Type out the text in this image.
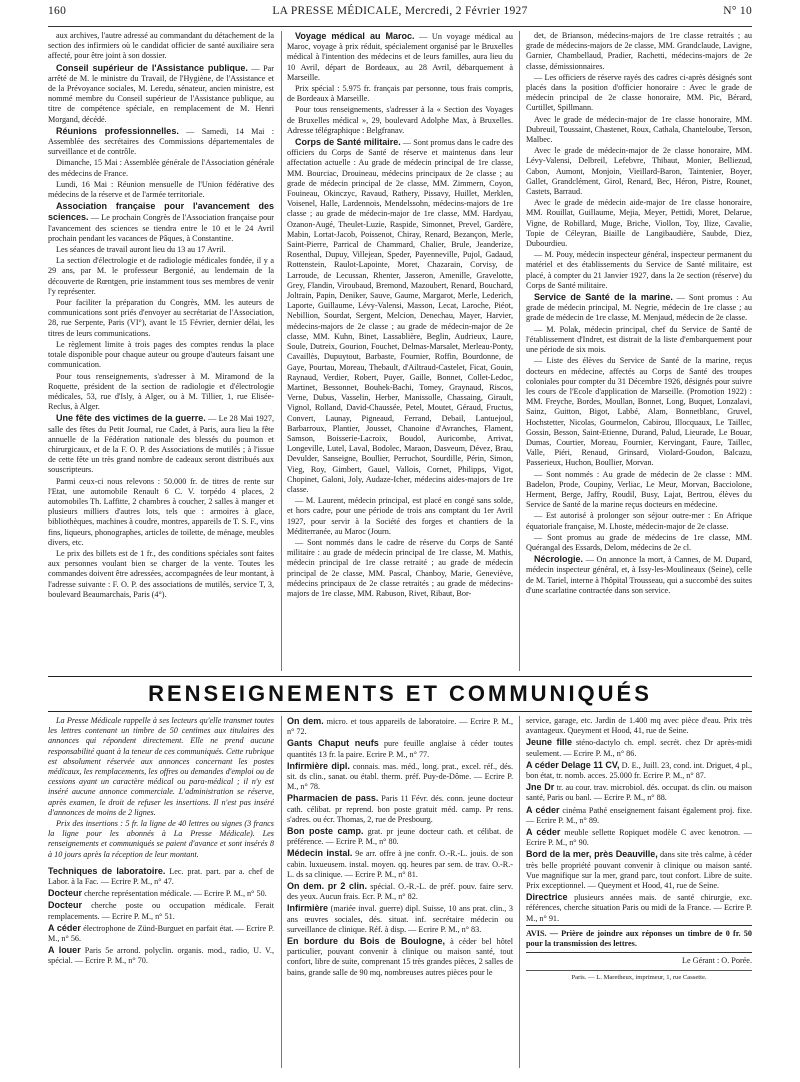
160	LA PRESSE MÉDICALE, Mercredi, 2 Février 1927	N° 10

aux archives, l'autre adressé au commandant du détachement de la section des infirmiers où le candidat officier de santé auxiliaire sera affecté, pour être joint à son dossier.

Conseil supérieur de l'Assistance publique. — Par arrêté de M. le ministre du Travail, de l'Hygiène, de l'Assistance et de la Prévoyance sociales, M. Leredu, sénateur, ancien ministre, est nommé membre du Conseil supérieur de l'Assistance publique, au titre de compétence spéciale, en remplacement de M. Henri Morgand, décédé.

Réunions professionnelles. — Samedi, 14 Mai : Assemblée des secrétaires des Commissions départementales de surveillance et de contrôle.

Dimanche, 15 Mai : Assemblée générale de l'Association générale des médecins de France.

Lundi, 16 Mai : Réunion mensuelle de l'Union fédérative des médecins de la réserve et de l'armée territoriale.

Association française pour l'avancement des sciences. — Le prochain Congrès de l'Association française pour l'avancement des sciences se tiendra entre le 10 et le 24 Avril prochain pendant les vacances de Pâques, à Constantine.

Les séances de travail auront lieu du 13 au 17 Avril.

La section d'électrologie et de radiologie médicales fondée, il y a 29 ans, par M. le professeur Bergonié, au lendemain de la découverte de Rœntgen, prie instamment tous ses membres de venir l'y représenter.

Pour faciliter la préparation du Congrès, MM. les auteurs de communications sont priés d'envoyer au secrétariat de l'Association, 28, rue Serpente, Paris (VI°), avant le 15 Février, dernier délai, les titres de leurs communications.

Le règlement limite à trois pages des comptes rendus la place totale disponible pour chaque auteur ou groupe d'auteurs faisant une communication.

Pour tous renseignements, s'adresser à M. Miramond de la Roquette, président de la section de radiologie et d'électrologie médicales, 53, rue d'Isly, à Alger, ou à M. Tillier, 1, rue Elisée-Reclus, à Alger.

Une fête des victimes de la guerre. — Le 28 Mai 1927, salle des fêtes du Petit Journal, rue Cadet, à Paris, aura lieu la fête annuelle de la Fédération nationale des blessés du poumon et chirurgicaux, et de la F. O. P. des Associations de mutilés ; à l'issue de cette fête un très grand nombre de cadeaux seront distribués aux souscripteurs.

Parmi ceux-ci nous relevons : 50.000 fr. de titres de rente sur l'Etat, une automobile Renault 6 C. V. torpédo 4 places, 2 automobiles Th. Laffitte, 2 chambres à coucher, 2 salles à manger et plusieurs milliers d'autres lots, tels que : armoires à glace, bibliothèques, machines à coudre, montres, appareils de T. S. F., vins fins, liqueurs, phonographes, articles de toilette, de ménage, meubles divers, etc.

Le prix des billets est de 1 fr., des conditions spéciales sont faites aux personnes voulant bien se charger de la vente. Toutes les commandes doivent être adressées, accompagnées de leur montant, à l'adresse suivante : F. O. P. des associations de mutilés, service T, 3, boulevard Beaumarchais, Paris (4°).

Voyage médical au Maroc. — Un voyage médical au Maroc, voyage à prix réduit, spécialement organisé par le Bruxelles médical à l'intention des médecins et de leurs familles, aura lieu du 10 Avril, départ de Bordeaux, au 28 Avril, débarquement à Marseille.

Prix spécial : 5.975 fr. français par personne, tous frais compris, de Bordeaux à Marseille.

Pour tous renseignements, s'adresser à la « Section des Voyages de Bruxelles médical », 29, boulevard Adolphe Max, à Bruxelles. Adresse télégraphique : Belgfranav.

Corps de Santé militaire. — Sont promus dans le cadre des officiers du Corps de Santé de réserve et maintenus dans leur affectation actuelle : Au grade de médecin principal de 1re classe, MM. Bourciac, Drouineau, médecins principaux de 2e classe ; au grade de médecin principal de 2e classe, MM. Zimmern, Coyon, Fouineau, Okinczyc, Ravaud, Rathery, Pissavy, Huillet, Merklen, Voisenel, Halle, Lardennois, Mendelssohn, médecins-majors de 1re classe ; au grade de médecin-major de 1re classe, MM. Hardyau, Ozanon-Augé, Theulet-Luzie, Raspide, Simonnet, Prevel, Gardère, Mabin, Lortat-Jacob, Poissenot, Chiray, Renard, Bezançon, Merle, Saint-Pierre, Parrical de Chammard, Chalier, Brule, Jeanderize, Rosenthal, Dupuy, Villejean, Speder, Payenneville, Pujol, Gadaud, Rottenstein, Raulot-Lapointe, Moret, Chazarain, Corvisy, de Larroude, de Lecussan, Rhenter, Jasseron, Amenille, Gravelotte, Grey, Flandin, Viroubaud, Bremond, Mazoubert, Renard, Bouchard, Joltrain, Papin, Deniker, Sauve, Gaume, Margarot, Merle, Lederich, Laporte, Guillaume, Lévy-Valensi, Masson, Lecat, Laroche, Piéot, Nebillion, Sourdat, Sergent, Melcion, Denechau, Mayer, Harvier, médecins-majors de 2e classe ; au grade de médecin-major de 2e classe, MM. Kuhn, Binet, Lassablière, Beglin, Audrieux, Laure, Soule, Dutreix, Gourion, Fouchet, Delmas-Marsalet, Merleau-Ponty, Cavaillès, Dupuytout, Barbaste, Fournier, Roffin, Bourdonne, de Gaye, Pourtau, Moreau, Thebault, d'Ailtraud-Castelet, Ficat, Gouin, Raynaud, Verdier, Robert, Puyer, Gaille, Bonnet, Collet-Ledoc, Martinet, Bessonnet, Bouhek-Bachi, Tomey, Graynaud, Riscos, Verne, Dubus, Vasselin, Herber, Manissolle, Chassaing, Girault, Vignol, Rolland, David-Chaussée, Petel, Moutet, Géraud, Fructus, Convert, Launay, Pigneaud, Ferrand, Debail, Lantuejoul, Barbarroux, Plantier, Jousset, Chanoine d'Avranches, Flament, Samson, Boisserie-Lacroix, Boudol, Auricombe, Arrivat, Longeville, Lutel, Laval, Bodolec, Maraon, Dasveum, Dévez, Brau, Devulder, Sanseigne, Boullier, Perruchot, Sourdille, Périn, Simon, Vieg, Roy, Gimbert, Gauel, Vallois, Cornet, Philipps, Vigot, Chopinet, Galoni, Joly, Audaze-Icher, médecins aides-majors de 1re classe.

— M. Laurent, médecin principal, est placé en congé sans solde, et hors cadre, pour une période de trois ans comptant du 1er Avril 1927, pour servir à la Société des forges et chantiers de la Méditerranée, au Maroc (Journ.

— Sont nommés dans le cadre de réserve du Corps de Santé militaire : au grade de médecin principal de 1re classe, M. Mathis, médecin principal de 1re classe retraité ; au grade de médecin principal de 2e classe, MM. Pascal, Chanboy, Marie, Geneviève, médecins principaux de 2e classe retraités ; au grade de médecins-majors de 1re classe, MM. Rabuson, Rivet, Ribaut, Bor-

det, de Brianson, médecins-majors de 1re classe retraités ; au grade de médecins-majors de 2e classe, MM. Grandclaude, Lavigne, Garnier, Chambellaud, Pradier, Rachetti, médecins-majors de 2e classe, démissionnaires.

— Les officiers de réserve rayés des cadres ci-après désignés sont placés dans la position d'officier honoraire : Avec le grade de médecin principal de 2e classe honoraire, MM. Pic, Bérard, Curtillet, Spillmann.

Avec le grade de médecin-major de 1re classe honoraire, MM. Dubreuil, Toussaint, Chastenet, Roux, Cathala, Chanteloube, Terson, Malbec.

Avec le grade de médecin-major de 2e classe honoraire, MM. Lévy-Valensi, Delbreil, Lefebvre, Thibaut, Monier, Belliezud, Cabon, Aumont, Monjoin, Vieillard-Baron, Taintenier, Boyer, Gallet, Grandclément, Girol, Renard, Bec, Héron, Pistre, Rounet, Castets, Barraud.

Avec le grade de médecin aide-major de 1re classe honoraire, MM. Rouillat, Guillaume, Mejia, Meyer, Pettidi, Moret, Delarue, Vigne, de Robillard, Muge, Briche, Viollon, Toy, Ilize, Cavalie, Topie de Céleyran, Biaille de Langibaudière, Saubde, Diez, Dubourdieu.

— M. Pouy, médecin inspecteur général, inspecteur permanent du matériel et des établissements du Service de Santé militaire, est placé, à compter du 21 Janvier 1927, dans la 2e section (réserve) du Corps de Santé militaire.

Service de Santé de la marine. — Sont promus : Au grade de médecin principal, M. Negrie, médecin de 1re classe ; au grade de médecin de 1re classe, M. Menjaud, médecin de 2e classe.

— M. Polak, médecin principal, chef du Service de Santé de l'établissement d'Indret, est distrait de la liste d'embarquement pour une période de six mois.

— Liste des élèves du Service de Santé de la marine, reçus docteurs en médecine, affectés au Corps de Santé des troupes coloniales pour compter du 31 Décembre 1926, désignés pour suivre les cours de l'Ecole d'application de Marseille. (Promotion 1922) : MM. Freyche, Bordes, Moullan, Bonnet, Long, Buquet, Lonzalavi, Sainz, Guitton, Bigot, Labbé, Alam, Bonnetblanc, Gruvel, Hochstetter, Nicolas, Gourmelon, Cabirou, Illocquaux, Le Taillec, Gossin, Besson, Saint-Etienne, Durand, Palud, Lieurade, Le Bouar, Dumas, Courtier, Moreau, Fournier, Kervingant, Faure, Taillec, Valle, Piéri, Renaud, Grinsard, Violard-Goudon, Balcazu, Passerieux, Huchon, Boullier, Morvan.

— Sont nommés : Au grade de médecin de 2e classe : MM. Badelon, Prode, Coupiny, Verliac, Le Meur, Morvan, Bacciolone, Herment, Berge, Jaffry, Roudil, Busy, Lajat, Bertrou, élèves du Service de Santé de la marine reçus docteurs en médecine.

— Est autorisé à prolonger son séjour outre-mer : En Afrique équatoriale française, M. Lhoste, médecin-major de 2e classe.

— Sont promus au grade de médecins de 1re classe, MM. Quérangal des Essards, Delom, médecins de 2e cl.

Nécrologie. — On annonce la mort, à Cannes, de M. Dupard, médecin inspecteur général, et, à Issy-les-Moulineaux (Seine), celle de M. Tariel, interne à l'hôpital Trousseau, qui a succombé des suites d'une scarlatine contractée dans son service.

RENSEIGNEMENTS ET COMMUNIQUÉS

La Presse Médicale rappelle à ses lecteurs qu'elle transmet toutes les lettres contenant un timbre de 50 centimes aux titulaires des annonces qui répondent directement. Elle ne prend aucune responsabilité quant à la teneur de ces communiqués. Cette rubrique est absolument réservée aux annonces concernant les postes médicaux, les remplacements, les offres ou demandes d'emploi ou de cessions ayant un caractère médical ou para-médical ; il n'y est inséré aucune annonce commerciale. L'administration se réserve, après examen, le droit de refuser les insertions. Il n'est pas inséré d'annonces de moins de 2 lignes.

Prix des insertions : 5 fr. la ligne de 40 lettres ou signes (3 francs la ligne pour les abonnés à La Presse Médicale). Les renseignements et communiqués se paient d'avance et sont insérés 8 à 10 jours après la réception de leur montant.

Techniques de laboratoire. Lec. prat. part. par a. chef de Labor. à la Fac. — Ecrire P. M., n° 47.

Docteur cherche représentation médicale. — Ecrire P. M., n° 50.

Docteur cherche poste ou occupation médicale. Ferait remplacements. — Ecrire P. M., n° 51.

A céder électrophone de Zünd-Burguet en parfait état. — Ecrire P. M., n° 56.

A louer Paris 5e arrond. polyclin. organis. mod., radio, U. V., spécial. — Ecrire P. M., n° 70.

On dem. micro. et tous appareils de laboratoire. — Ecrire P. M., n° 72.

Gants Chaput neufs pure feuille anglaise à céder toutes quantités 13 fr. la paire. Ecrire P. M., n° 77.

Infirmière dipl. connais. mas. méd., long. prat., excel. réf., dés. sit. ds clin., sanat. ou établ. therm. préf. Puy-de-Dôme. — Ecrire P. M., n° 78.

Pharmacien de pass. Paris 11 Févr. dés. conn. jeune docteur cath. célibat. pr reprend. bon poste gratuit méd. camp. Pr rens. s'adres. ou écr. Thomas, 2, rue de Presbourg.

Bon poste camp. grat. pr jeune docteur cath. et célibat. de préférence. — Ecrire P. M., n° 80.

Médecin instal. 9e arr. offre à jne confr. O.-R.-L. jouis. de son cabin. luxueusem. instal. moyen. qq. heures par sem. de trav. O.-R.-L. ds sa clinique. — Ecrire P. M., n° 81.

On dem. pr 2 clin. spécial. O.-R.-L. de préf. pouv. faire serv. des yeux. Aucun frais. Ecr. P. M., n° 82.

Infirmière (mariée inval. guerre) dipl. Suisse, 10 ans prat. clin., 3 ans œuvres sociales, dés. situat. inf. secrétaire médecin ou surveillance de clinique. Réf. à disp. — Ecrire P. M., n° 83.

En bordure du Bois de Boulogne, à céder bel hôtel particulier, pouvant convenir à clinique ou maison santé, tout confort, libre de suite, comprenant 15 très grandes pièces, 2 salles de bains, grande salle de 90 mq, nombreuses autres pièces pour le

service, garage, etc. Jardin de 1.400 mq avec pièce d'eau. Prix très avantageux. Queyment et Hood, 41, rue de Seine.

Jeune fille sténo-dactylo ch. empl. secrét. chez Dr après-midi seulement. — Ecrire P. M., n° 86.

A céder Delage 11 CV, D. E., Juill. 23, cond. int. Driguet, 4 pl., bon état, tr. nomb. acces. 25.000 fr. Ecrire P. M., n° 87.

Jne Dr tr. au cour. trav. microbiol. dés. occupat. ds clin. ou maison santé, Paris ou banl. — Ecrire P. M., n° 88.

A céder cinéma Pathé enseignement faisant également proj. fixe. — Ecrire P. M., n° 89.

A céder meuble sellette Ropiquet modèle C avec kenotron. — Ecrire P. M., n° 90.

Bord de la mer, près Deauville, dans site très calme, à céder très belle propriété pouvant convenir à clinique ou maison santé. Vue magnifique sur la mer, grand parc, tout confort. Libre de suite. Prix exceptionnel. — Queyment et Hood, 41, rue de Seine.

Directrice plusieurs années mais. de santé chirurgie, exc. références, cherche situation Paris ou midi de la France. — Ecrire P. M., n° 91.

AVIS. — Prière de joindre aux réponses un timbre de 0 fr. 50 pour la transmission des lettres.

Le Gérant : O. Porée.
Paris. — L. Maretheux, imprimeur, 1, rue Cassette.
